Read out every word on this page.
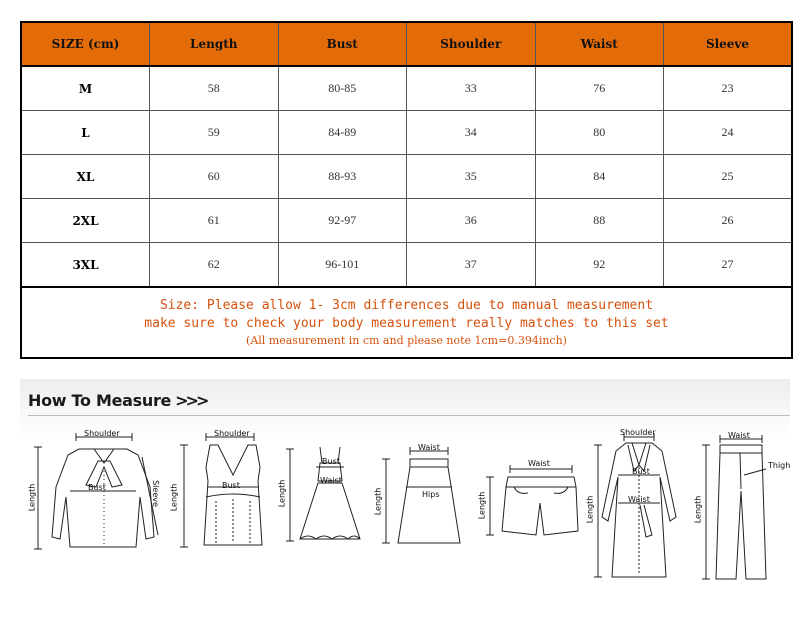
SIZE (cm)	Length	Bust	Shoulder	Waist	Sleeve
M	58	80-85	33	76	23
L	59	84-89	34	80	24
XL	60	88-93	35	84	25
2XL	61	92-97	36	88	26
3XL	62	96-101	37	92	27

Size: Please allow 1- 3cm differences due to manual measurement
make sure to check your body measurement really matches to this set
(All measurement in cm and please note 1cm=0.394inch)					
How To Measure >>>
Shoulder
Bust
Length	Sleeve
Shoulder
Bust
Length
Bust
Waist
Length
Waist
Hips
Length
Waist
Length
Shoulder
Bust
Waist
Length
Waist
Thigh
Length
